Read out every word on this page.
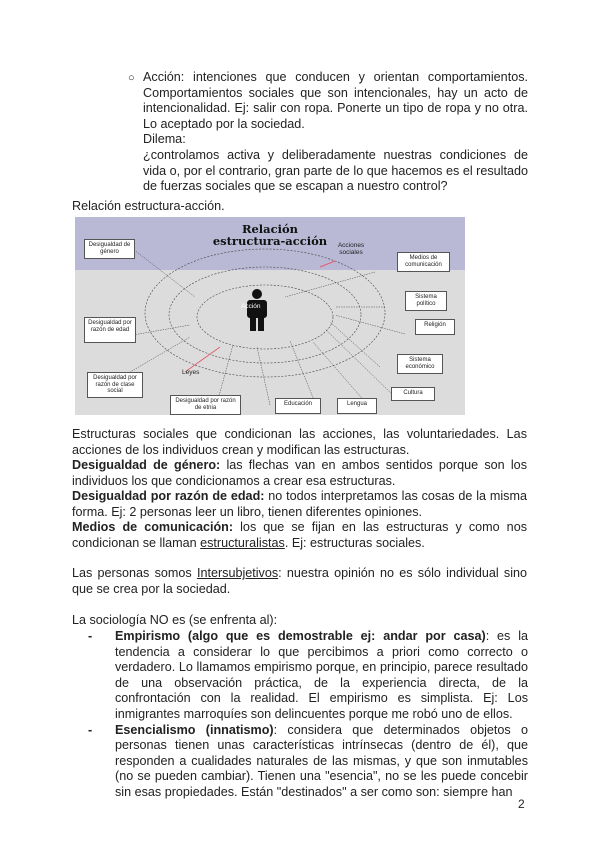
○ Acción: intenciones que conducen y orientan comportamientos. Comportamientos sociales que son intencionales, hay un acto de intencionalidad. Ej: salir con ropa. Ponerte un tipo de ropa y no otra. Lo aceptado por la sociedad.
Dilema:
¿controlamos activa y deliberadamente nuestras condiciones de vida o, por el contrario, gran parte de lo que hacemos es el resultado de fuerzas sociales que se escapan a nuestro control?
Relación estructura-acción.
Relación
estructura-acción
Acción
Acciones sociales
Leyes
Desigualdad de género
Medios de comunicación
Sistema político
Religión
Desigualdad por razón de edad
Sistema económico
Desigualdad por razón de clase social	Cultura
Desigualdad por razón de etnia
Educación	Lengua
Estructuras sociales que condicionan las acciones, las voluntariedades. Las acciones de los individuos crean y modifican las estructuras.
Desigualdad de género: las flechas van en ambos sentidos porque son los individuos los que condicionamos a crear esa estructuras.
Desigualdad por razón de edad: no todos interpretamos las cosas de la misma forma. Ej: 2 personas leer un libro, tienen diferentes opiniones.
Medios de comunicación: los que se fijan en las estructuras y como nos condicionan se llaman estructuralistas. Ej: estructuras sociales.
Las personas somos Intersubjetivos: nuestra opinión no es sólo individual sino que se crea por la sociedad.
La sociología NO es (se enfrenta al):
- Empirismo (algo que es demostrable ej: andar por casa): es la tendencia a considerar lo que percibimos a priori como correcto o verdadero. Lo llamamos empirismo porque, en principio, parece resultado de una observación práctica, de la experiencia directa, de la confrontación con la realidad. El empirismo es simplista. Ej: Los inmigrantes marroquíes son delincuentes porque me robó uno de ellos.
- Esencialismo (innatismo): considera que determinados objetos o personas tienen unas características intrínsecas (dentro de él), que responden a cualidades naturales de las mismas, y que son inmutables (no se pueden cambiar). Tienen una "esencia", no se les puede concebir sin esas propiedades. Están "destinados" a ser como son: siempre han
2
